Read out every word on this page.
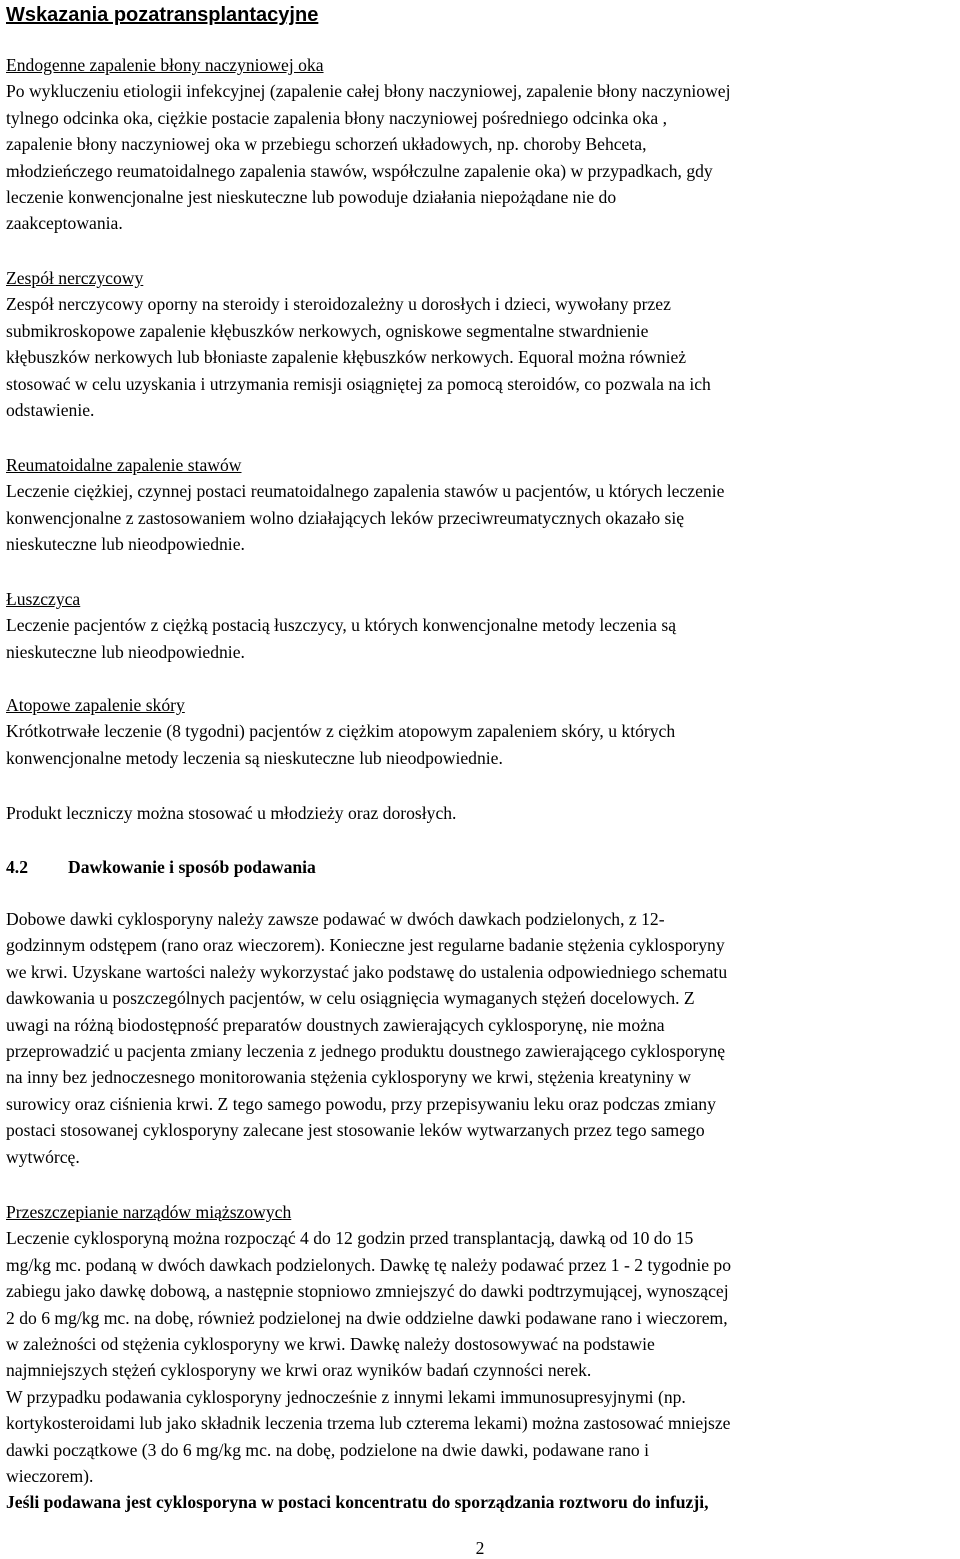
Wskazania pozatransplantacyjne
Endogenne zapalenie błony naczyniowej oka
Po wykluczeniu etiologii infekcyjnej (zapalenie całej błony naczyniowej, zapalenie błony naczyniowej
tylnego odcinka oka, ciężkie postacie zapalenia błony naczyniowej pośredniego odcinka oka ,
zapalenie błony naczyniowej oka w przebiegu schorzeń układowych, np. choroby Behceta,
młodzieńczego reumatoidalnego zapalenia stawów, współczulne zapalenie oka) w przypadkach, gdy
leczenie konwencjonalne jest nieskuteczne lub powoduje działania niepożądane nie do
zaakceptowania.
Zespół nerczycowy
Zespół nerczycowy oporny na steroidy i steroidozależny u dorosłych i dzieci, wywołany przez
submikroskopowe zapalenie kłębuszków nerkowych, ogniskowe segmentalne stwardnienie
kłębuszków nerkowych lub błoniaste zapalenie kłębuszków nerkowych. Equoral można również
stosować w celu uzyskania i utrzymania remisji osiągniętej za pomocą steroidów, co pozwala na ich
odstawienie.
Reumatoidalne zapalenie stawów
Leczenie ciężkiej, czynnej postaci reumatoidalnego zapalenia stawów u pacjentów, u których leczenie
konwencjonalne z zastosowaniem wolno działających leków przeciwreumatycznych okazało się
nieskuteczne lub nieodpowiednie.
Łuszczyca
Leczenie pacjentów z ciężką postacią łuszczycy, u których konwencjonalne metody leczenia są
nieskuteczne lub nieodpowiednie.
Atopowe zapalenie skóry
Krótkotrwałe leczenie (8 tygodni) pacjentów z ciężkim atopowym zapaleniem skóry, u których
konwencjonalne metody leczenia są nieskuteczne lub nieodpowiednie.
Produkt leczniczy można stosować u młodzieży oraz dorosłych.
4.2 Dawkowanie i sposób podawania
Dobowe dawki cyklosporyny należy zawsze podawać w dwóch dawkach podzielonych, z 12-
godzinnym odstępem (rano oraz wieczorem). Konieczne jest regularne badanie stężenia cyklosporyny
we krwi. Uzyskane wartości należy wykorzystać jako podstawę do ustalenia odpowiedniego schematu
dawkowania u poszczególnych pacjentów, w celu osiągnięcia wymaganych stężeń docelowych. Z
uwagi na różną biodostępność preparatów doustnych zawierających cyklosporynę, nie można
przeprowadzić u pacjenta zmiany leczenia z jednego produktu doustnego zawierającego cyklosporynę
na inny bez jednoczesnego monitorowania stężenia cyklosporyny we krwi, stężenia kreatyniny w
surowicy oraz ciśnienia krwi. Z tego samego powodu, przy przepisywaniu leku oraz podczas zmiany
postaci stosowanej cyklosporyny zalecane jest stosowanie leków wytwarzanych przez tego samego
wytwórcę.
Przeszczepianie narządów miąższowych
Leczenie cyklosporyną można rozpocząć 4 do 12 godzin przed transplantacją, dawką od 10 do 15
mg/kg mc. podaną w dwóch dawkach podzielonych. Dawkę tę należy podawać przez 1 - 2 tygodnie po
zabiegu jako dawkę dobową, a następnie stopniowo zmniejszyć do dawki podtrzymującej, wynoszącej
2 do 6 mg/kg mc. na dobę, również podzielonej na dwie oddzielne dawki podawane rano i wieczorem,
w zależności od stężenia cyklosporyny we krwi. Dawkę należy dostosowywać na podstawie
najmniejszych stężeń cyklosporyny we krwi oraz wyników badań czynności nerek.
W przypadku podawania cyklosporyny jednocześnie z innymi lekami immunosupresyjnymi (np.
kortykosteroidami lub jako składnik leczenia trzema lub czterema lekami) można zastosować mniejsze
dawki początkowe (3 do 6 mg/kg mc. na dobę, podzielone na dwie dawki, podawane rano i
wieczorem).
Jeśli podawana jest cyklosporyna w postaci koncentratu do sporządzania roztworu do infuzji,
2
